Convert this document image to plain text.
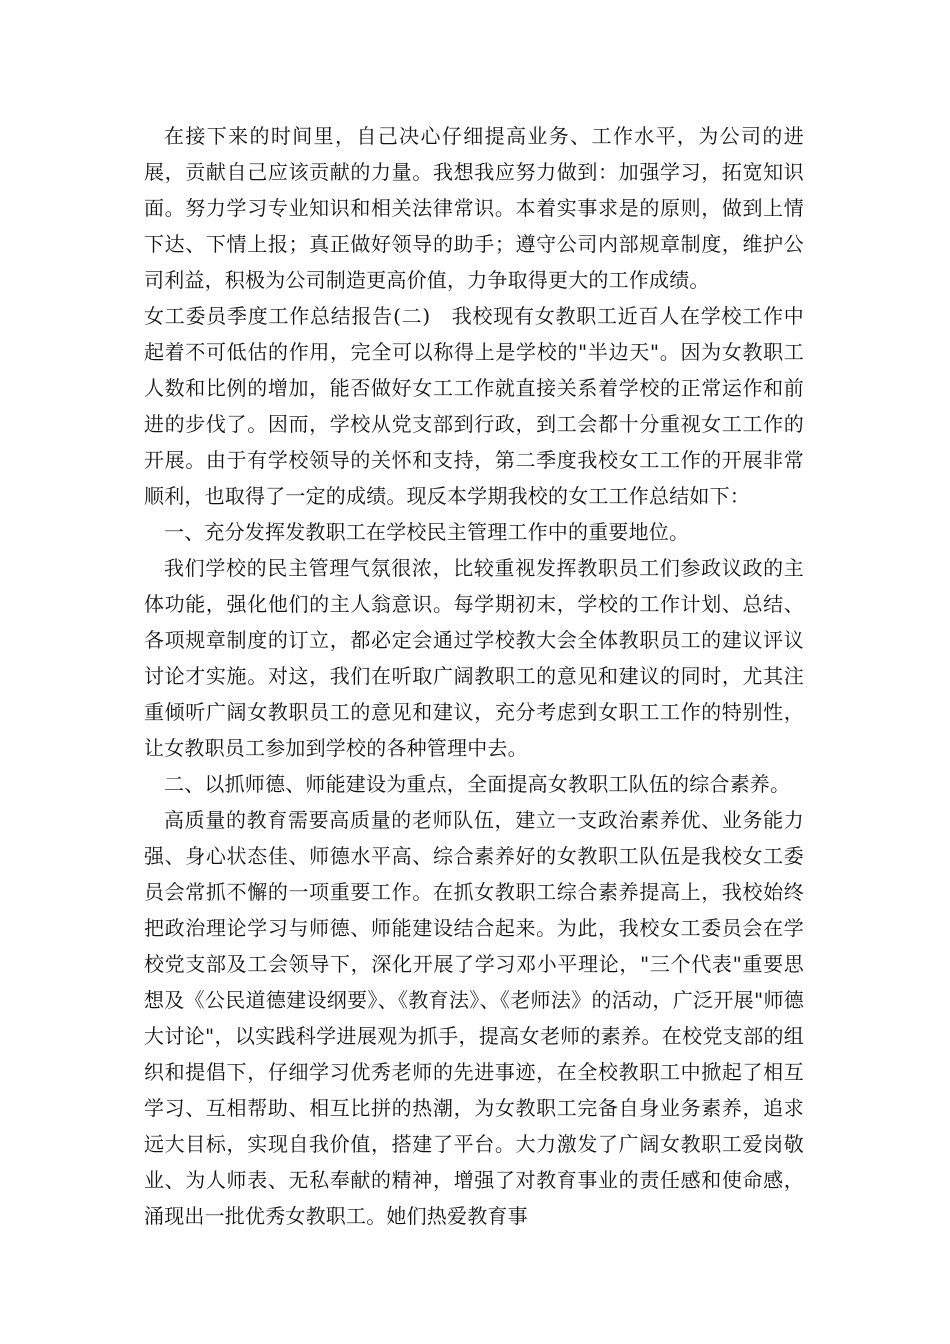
在接下来的时间里，自己决心仔细提高业务、工作水平，为公司的进展，贡献自己应该贡献的力量。我想我应努力做到：加强学习，拓宽知识面。努力学习专业知识和相关法律常识。本着实事求是的原则，做到上情下达、下情上报；真正做好领导的助手；遵守公司内部规章制度，维护公司利益，积极为公司制造更高价值，力争取得更大的工作成绩。

女工委员季度工作总结报告(二)　我校现有女教职工近百人在学校工作中起着不可低估的作用，完全可以称得上是学校的"半边天"。因为女教职工人数和比例的增加，能否做好女工工作就直接关系着学校的正常运作和前进的步伐了。因而，学校从党支部到行政，到工会都十分重视女工工作的开展。由于有学校领导的关怀和支持，第二季度我校女工工作的开展非常顺利，也取得了一定的成绩。现反本学期我校的女工工作总结如下：

一、充分发挥发教职工在学校民主管理工作中的重要地位。

我们学校的民主管理气氛很浓，比较重视发挥教职员工们参政议政的主体功能，强化他们的主人翁意识。每学期初末，学校的工作计划、总结、各项规章制度的订立，都必定会通过学校教大会全体教职员工的建议评议讨论才实施。对这，我们在听取广阔教职工的意见和建议的同时，尤其注重倾听广阔女教职员工的意见和建议，充分考虑到女职工工作的特别性，让女教职员工参加到学校的各种管理中去。

二、以抓师德、师能建设为重点，全面提高女教职工队伍的综合素养。

高质量的教育需要高质量的老师队伍，建立一支政治素养优、业务能力强、身心状态佳、师德水平高、综合素养好的女教职工队伍是我校女工委员会常抓不懈的一项重要工作。在抓女教职工综合素养提高上，我校始终把政治理论学习与师德、师能建设结合起来。为此，我校女工委员会在学校党支部及工会领导下，深化开展了学习邓小平理论，"三个代表"重要思想及《公民道德建设纲要》、《教育法》、《老师法》的活动，广泛开展"师德大讨论"，以实践科学进展观为抓手，提高女老师的素养。在校党支部的组织和提倡下，仔细学习优秀老师的先进事迹，在全校教职工中掀起了相互学习、互相帮助、相互比拼的热潮，为女教职工完备自身业务素养，追求远大目标，实现自我价值，搭建了平台。大力激发了广阔女教职工爱岗敬业、为人师表、无私奉献的精神，增强了对教育事业的责任感和使命感，涌现出一批优秀女教职工。她们热爱教育事
